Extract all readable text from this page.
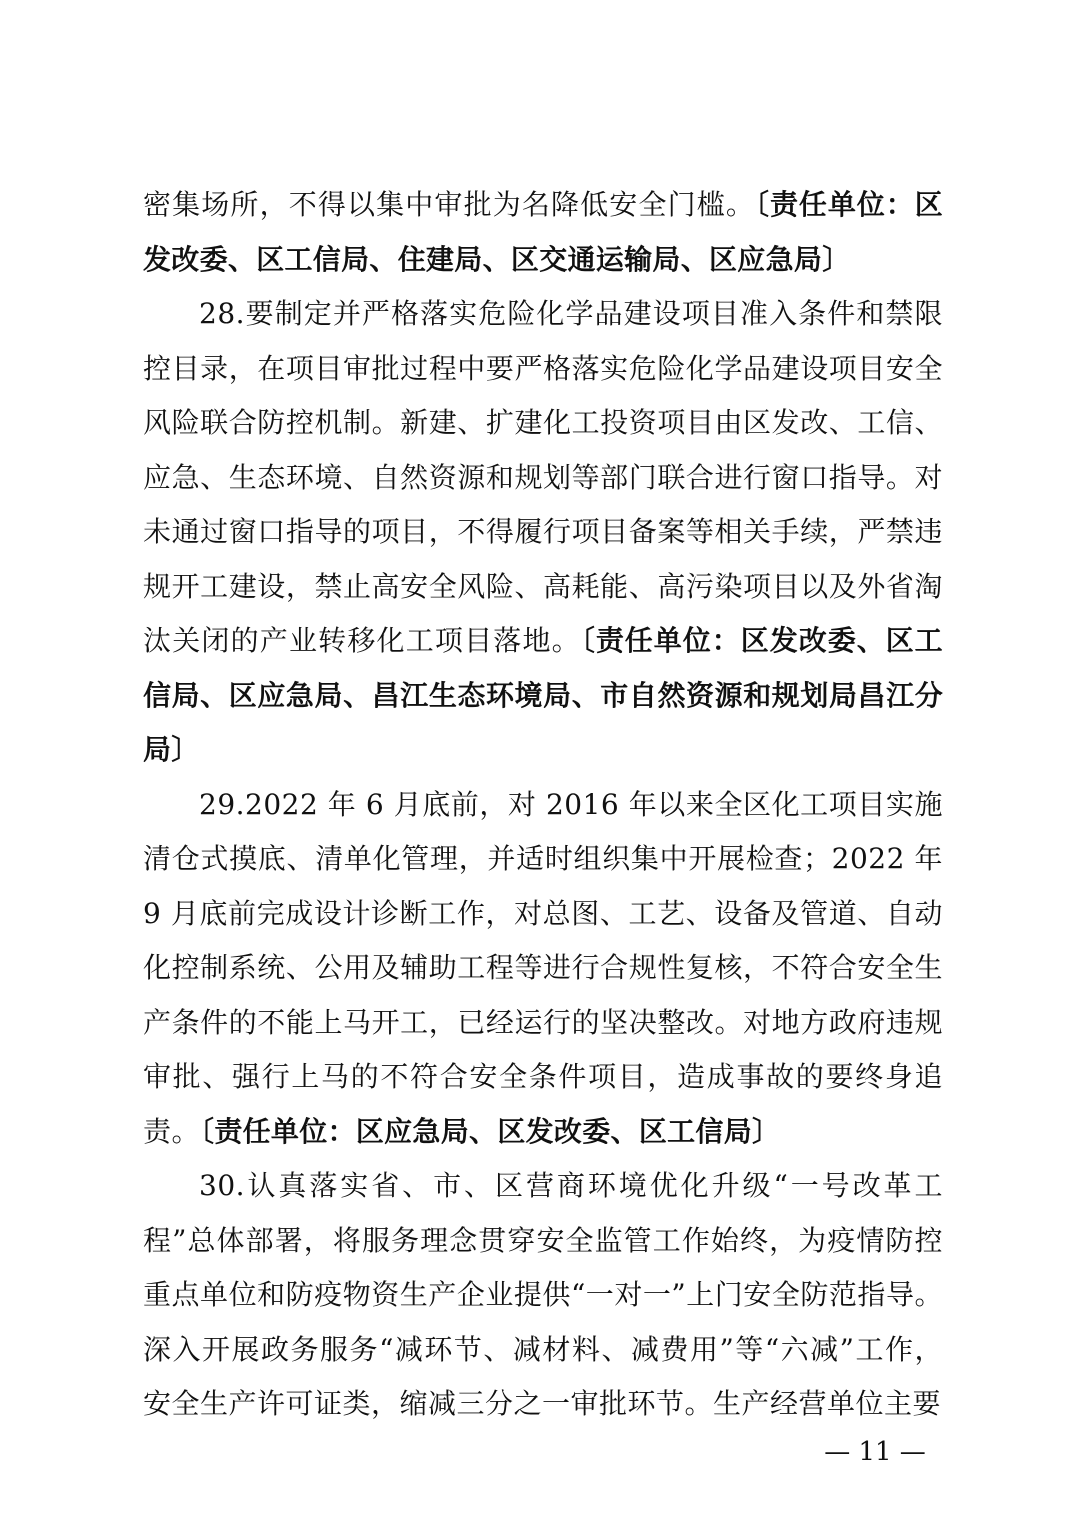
密集场所，不得以集中审批为名降低安全门槛。〔责任单位：区发改委、区工信局、住建局、区交通运输局、区应急局〕

28.要制定并严格落实危险化学品建设项目准入条件和禁限控目录，在项目审批过程中要严格落实危险化学品建设项目安全风险联合防控机制。新建、扩建化工投资项目由区发改、工信、应急、生态环境、自然资源和规划等部门联合进行窗口指导。对未通过窗口指导的项目，不得履行项目备案等相关手续，严禁违规开工建设，禁止高安全风险、高耗能、高污染项目以及外省淘汰关闭的产业转移化工项目落地。〔责任单位：区发改委、区工信局、区应急局、昌江生态环境局、市自然资源和规划局昌江分局〕

29.2022 年 6 月底前，对 2016 年以来全区化工项目实施清仓式摸底、清单化管理，并适时组织集中开展检查；2022 年 9 月底前完成设计诊断工作，对总图、工艺、设备及管道、自动化控制系统、公用及辅助工程等进行合规性复核，不符合安全生产条件的不能上马开工，已经运行的坚决整改。对地方政府违规审批、强行上马的不符合安全条件项目，造成事故的要终身追责。〔责任单位：区应急局、区发改委、区工信局〕

30.认真落实省、市、区营商环境优化升级“一号改革工程”总体部署，将服务理念贯穿安全监管工作始终，为疫情防控重点单位和防疫物资生产企业提供“一对一”上门安全防范指导。深入开展政务服务“减环节、减材料、减费用”等“六减”工作，安全生产许可证类，缩减三分之一审批环节。生产经营单位主要

— 11 —
